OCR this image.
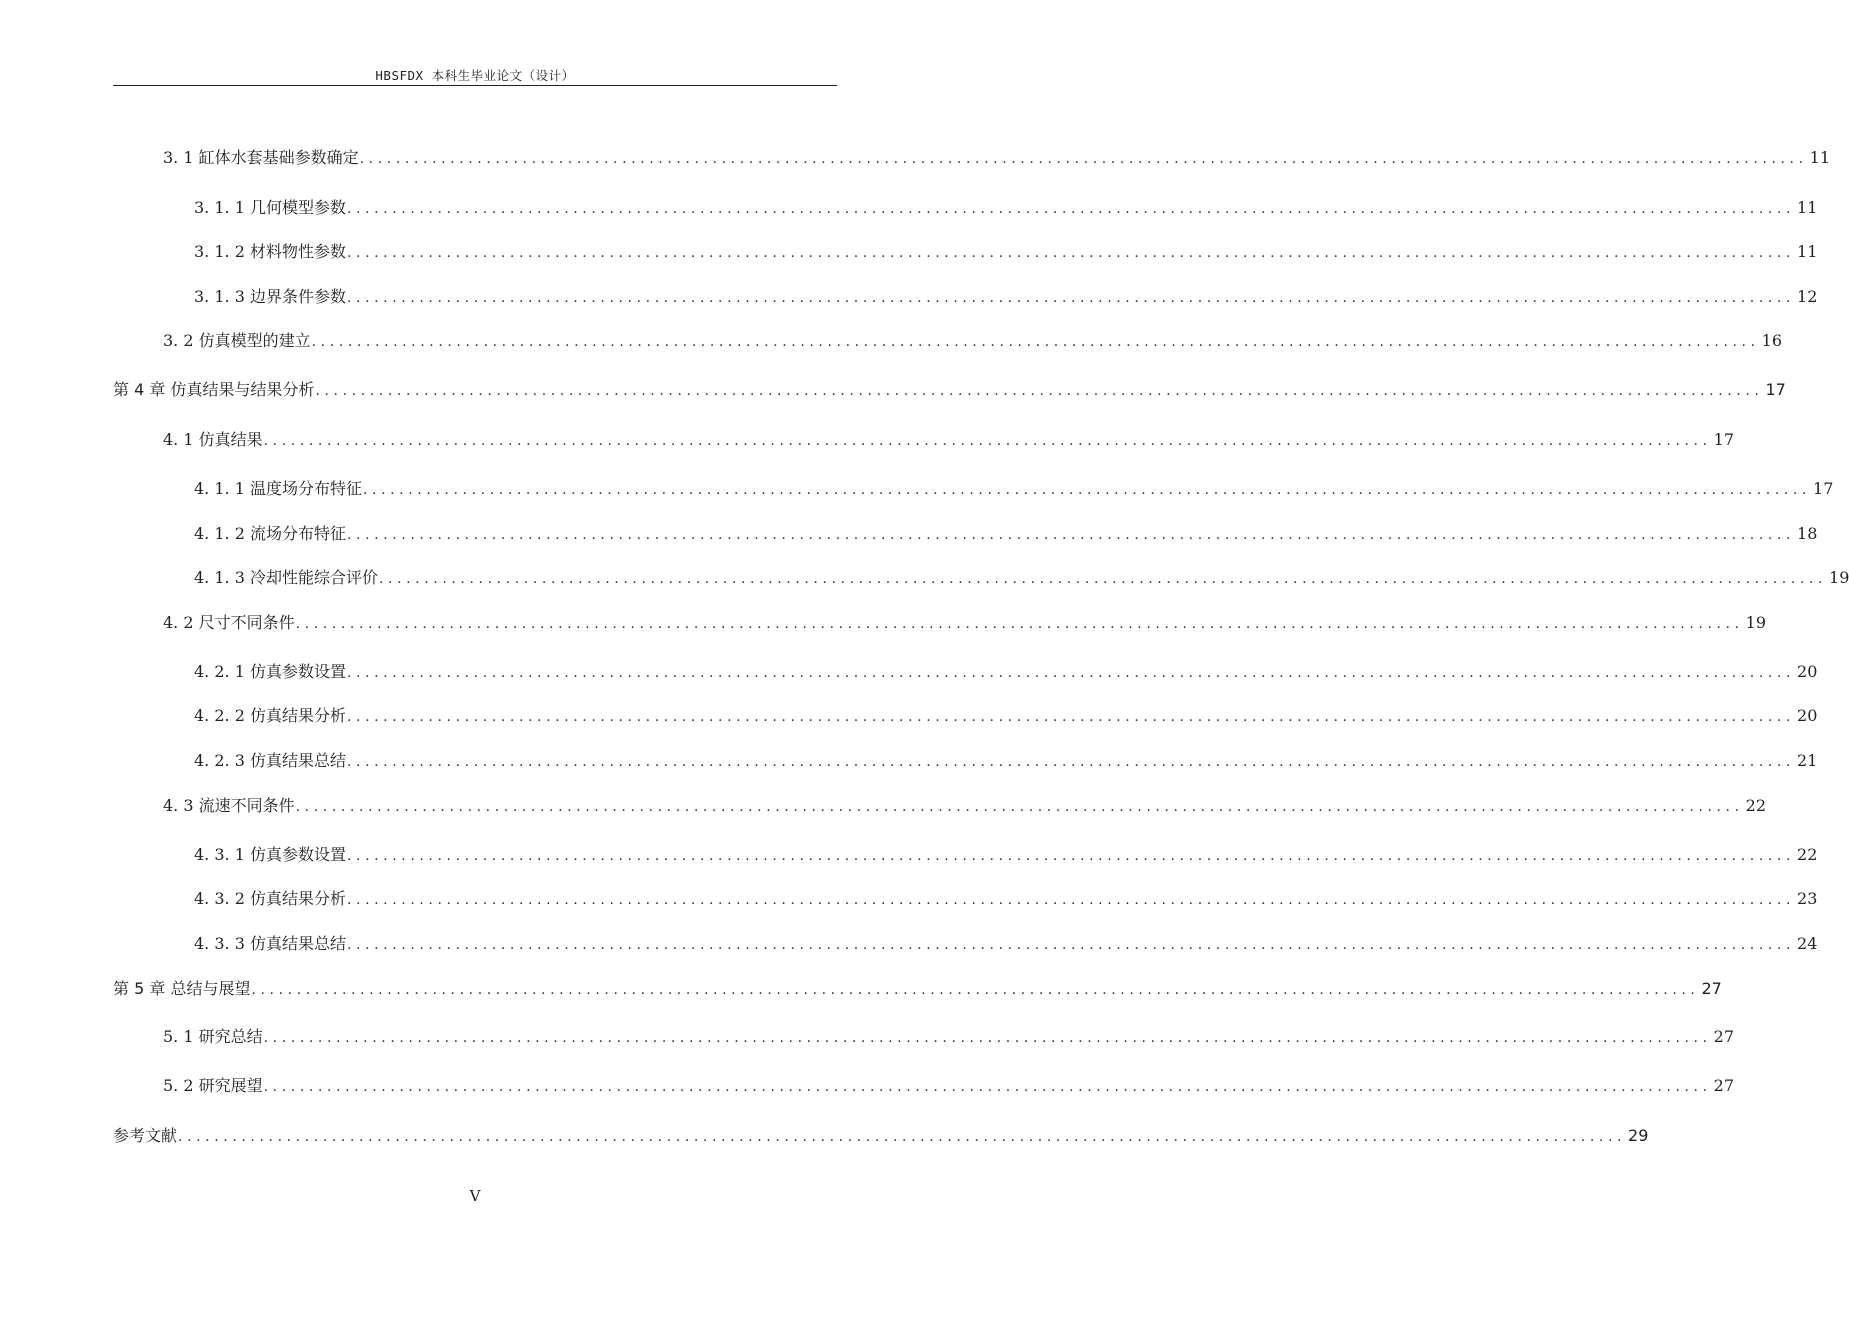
HBSFDX 本科生毕业论文（设计）
3. 1 缸体水套基础参数确定 ................................................................................................................................................................ 11
3. 1. 1 几何模型参数 ................................................................................................................................................................ 11
3. 1. 2 材料物性参数 ................................................................................................................................................................ 11
3. 1. 3 边界条件参数 ................................................................................................................................................................ 12
3. 2 仿真模型的建立 ................................................................................................................................................................ 16
第 4 章 仿真结果与结果分析 ................................................................................................................................................................ 17
4. 1 仿真结果 ................................................................................................................................................................ 17
4. 1. 1 温度场分布特征 ................................................................................................................................................................ 17
4. 1. 2 流场分布特征 ................................................................................................................................................................ 18
4. 1. 3 冷却性能综合评价 ................................................................................................................................................................ 19
4. 2 尺寸不同条件 ................................................................................................................................................................ 19
4. 2. 1 仿真参数设置 ................................................................................................................................................................ 20
4. 2. 2 仿真结果分析 ................................................................................................................................................................ 20
4. 2. 3 仿真结果总结 ................................................................................................................................................................ 21
4. 3 流速不同条件 ................................................................................................................................................................ 22
4. 3. 1 仿真参数设置 ................................................................................................................................................................ 22
4. 3. 2 仿真结果分析 ................................................................................................................................................................ 23
4. 3. 3 仿真结果总结 ................................................................................................................................................................ 24
第 5 章 总结与展望 ................................................................................................................................................................ 27
5. 1 研究总结 ................................................................................................................................................................ 27
5. 2 研究展望 ................................................................................................................................................................ 27
参考文献 ................................................................................................................................................................ 29
V
